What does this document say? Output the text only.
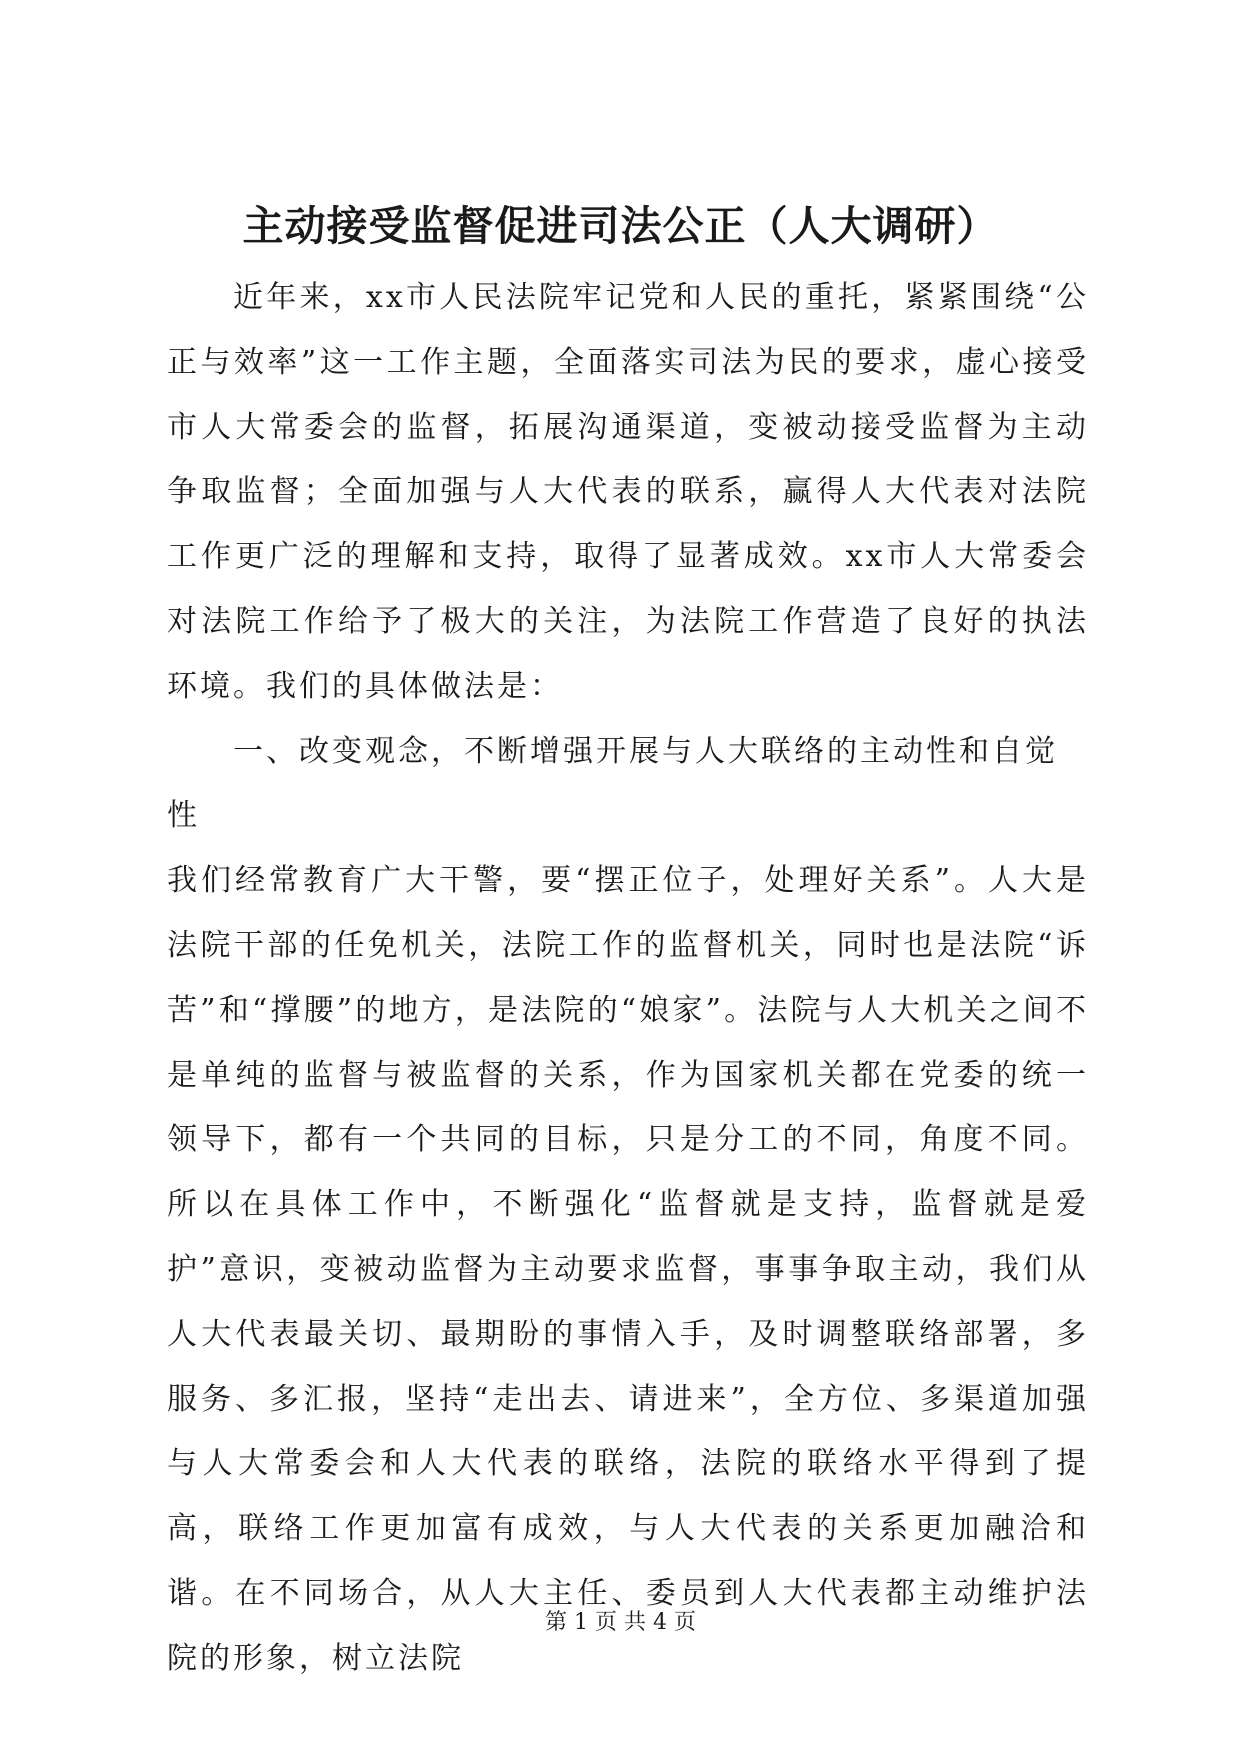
主动接受监督促进司法公正（人大调研）

近年来，xx市人民法院牢记党和人民的重托，紧紧围绕“公正与效率”这一工作主题，全面落实司法为民的要求，虚心接受市人大常委会的监督，拓展沟通渠道，变被动接受监督为主动争取监督；全面加强与人大代表的联系，赢得人大代表对法院工作更广泛的理解和支持，取得了显著成效。xx市人大常委会对法院工作给予了极大的关注，为法院工作营造了良好的执法环境。我们的具体做法是：

一、改变观念，不断增强开展与人大联络的主动性和自觉性

我们经常教育广大干警，要“摆正位子，处理好关系”。人大是法院干部的任免机关，法院工作的监督机关，同时也是法院“诉苦”和“撑腰”的地方，是法院的“娘家”。法院与人大机关之间不是单纯的监督与被监督的关系，作为国家机关都在党委的统一领导下，都有一个共同的目标，只是分工的不同，角度不同。所以在具体工作中，不断强化“监督就是支持，监督就是爱护”意识，变被动监督为主动要求监督，事事争取主动，我们从人大代表最关切、最期盼的事情入手，及时调整联络部署，多服务、多汇报，坚持“走出去、请进来”，全方位、多渠道加强与人大常委会和人大代表的联络，法院的联络水平得到了提高，联络工作更加富有成效，与人大代表的关系更加融洽和谐。在不同场合，从人大主任、委员到人大代表都主动维护法院的形象，树立法院

第 1 页 共 4 页
